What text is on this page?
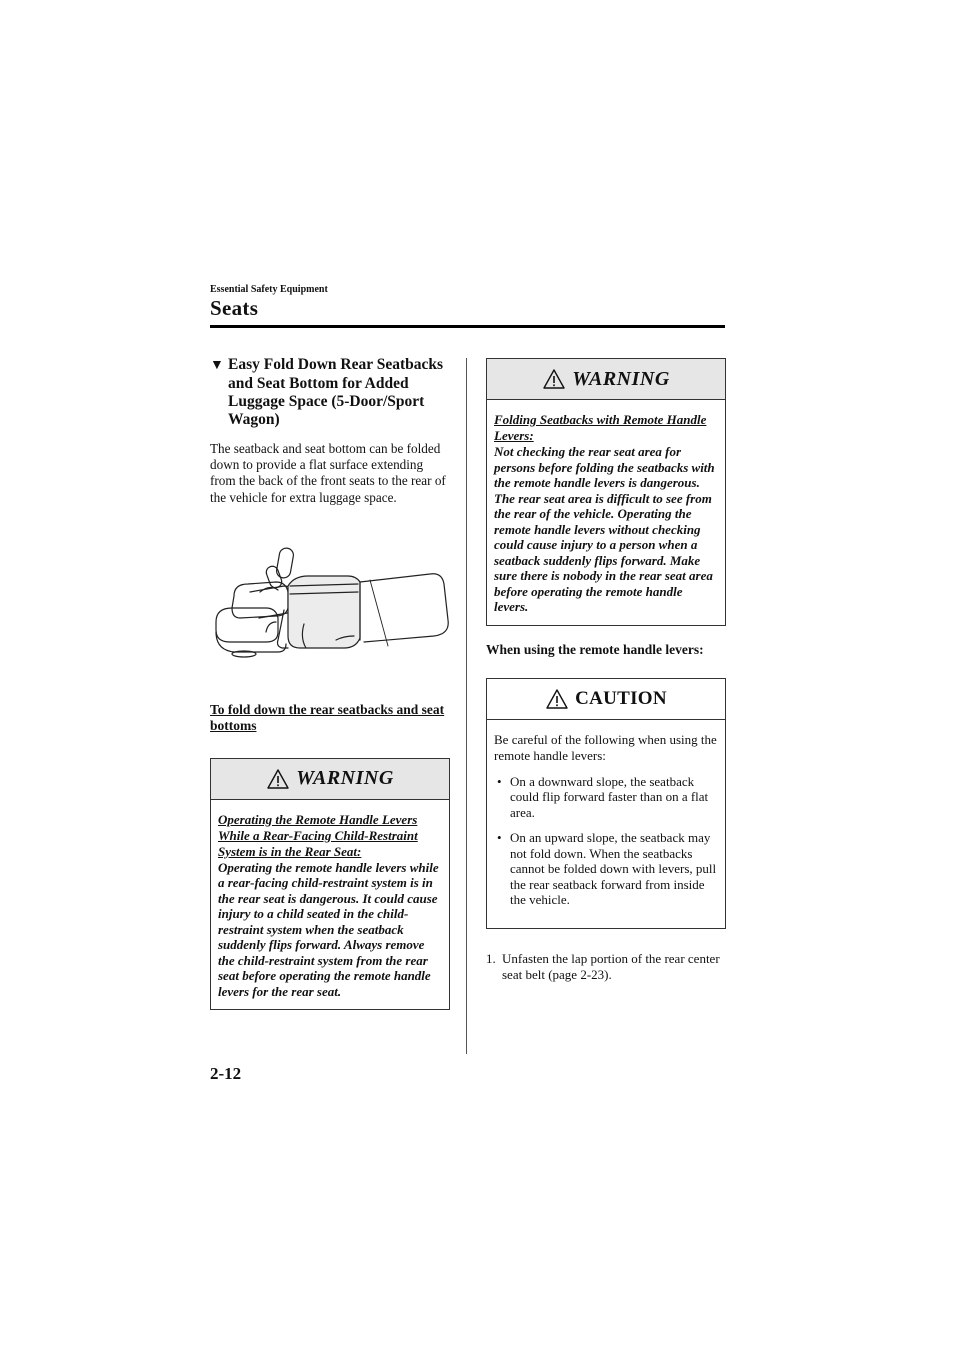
Essential Safety Equipment
Seats

▼ Easy Fold Down Rear Seatbacks and Seat Bottom for Added Luggage Space (5-Door/Sport Wagon)

The seatback and seat bottom can be folded down to provide a flat surface extending from the back of the front seats to the rear of the vehicle for extra luggage space.

To fold down the rear seatbacks and seat bottoms

WARNING

Operating the Remote Handle Levers While a Rear-Facing Child-Restraint System is in the Rear Seat:

Operating the remote handle levers while a rear-facing child-restraint system is in the rear seat is dangerous. It could cause injury to a child seated in the child-restraint system when the seatback suddenly flips forward. Always remove the child-restraint system from the rear seat before operating the remote handle levers for the rear seat.

WARNING

Folding Seatbacks with Remote Handle Levers:

Not checking the rear seat area for persons before folding the seatbacks with the remote handle levers is dangerous. The rear seat area is difficult to see from the rear of the vehicle. Operating the remote handle levers without checking could cause injury to a person when a seatback suddenly flips forward. Make sure there is nobody in the rear seat area before operating the remote handle levers.

When using the remote handle levers:

CAUTION

Be careful of the following when using the remote handle levers:

• On a downward slope, the seatback could flip forward faster than on a flat area.
• On an upward slope, the seatback may not fold down. When the seatbacks cannot be folded down with levers, pull the rear seatback forward from inside the vehicle.

1. Unfasten the lap portion of the rear center seat belt (page 2-23).

2-12
